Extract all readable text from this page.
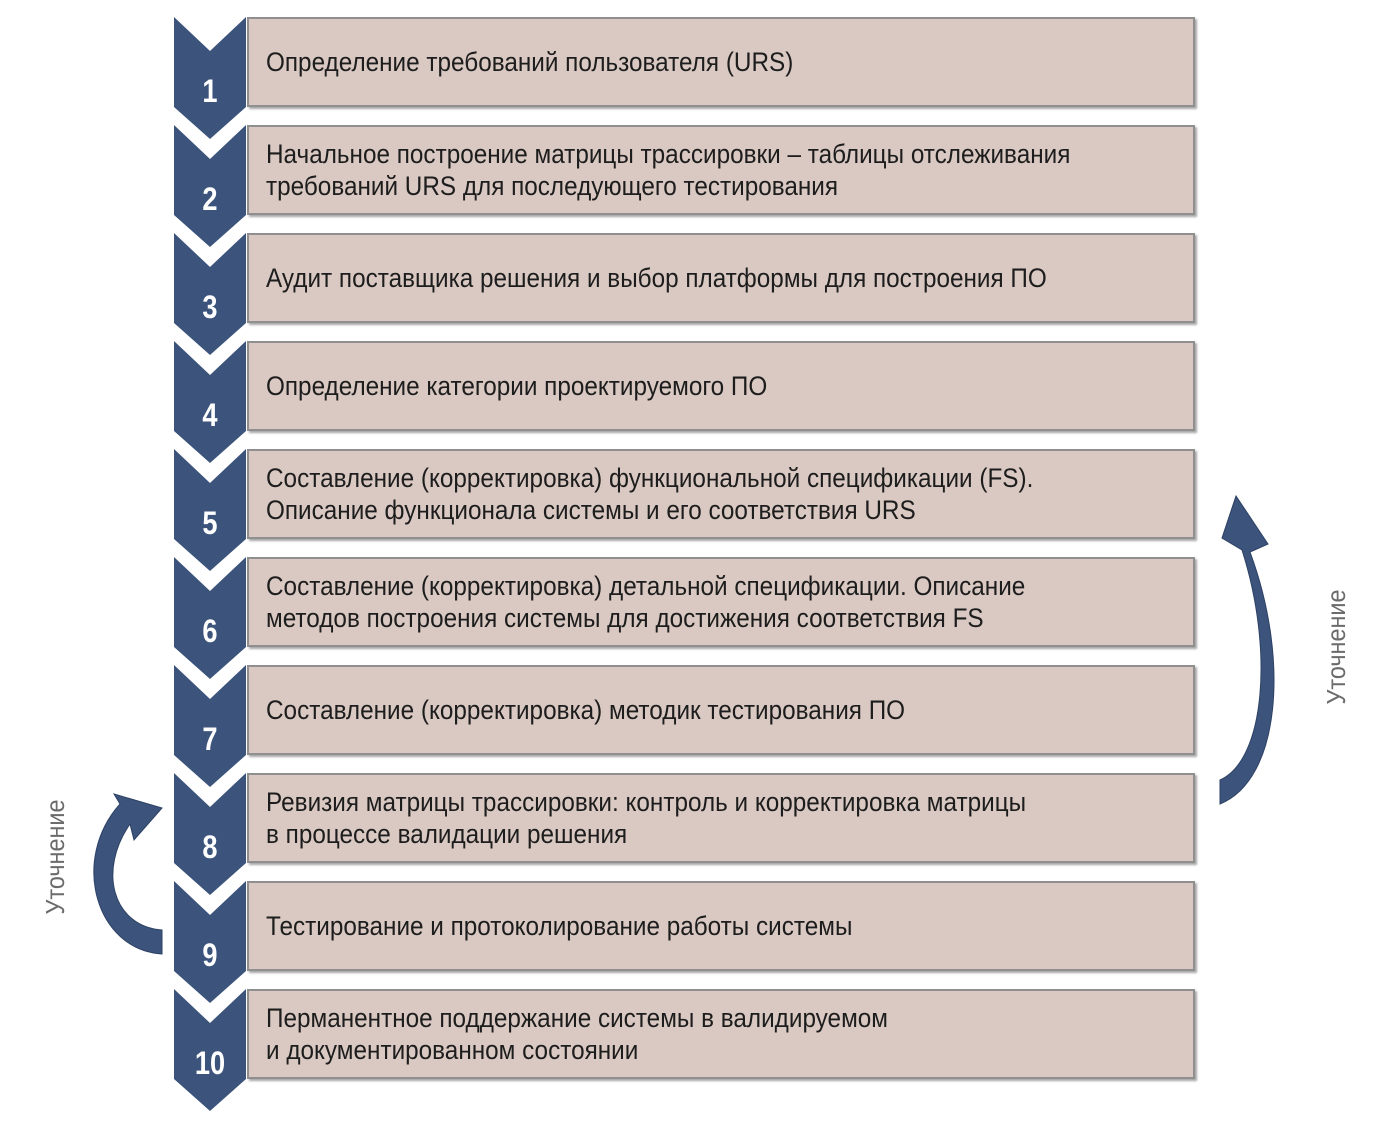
1
Определение требований пользователя (URS)
2
Начальное построение матрицы трассировки – таблицы отслеживания
требований URS для последующего тестирования
3
Аудит поставщика решения и выбор платформы для построения ПО
4
Определение категории проектируемого ПО
5
Составление (корректировка) функциональной спецификации (FS).
Описание функционала системы и его соответствия URS
6
Составление (корректировка) детальной спецификации. Описание
методов построения системы для достижения соответствия FS
7
Составление (корректировка) методик тестирования ПО
8
Ревизия матрицы трассировки: контроль и корректировка матрицы
в процессе валидации решения
9
Тестирование и протоколирование работы системы
10
Перманентное поддержание системы в валидируемом
и документированном состоянии
Уточнение
Уточнение
